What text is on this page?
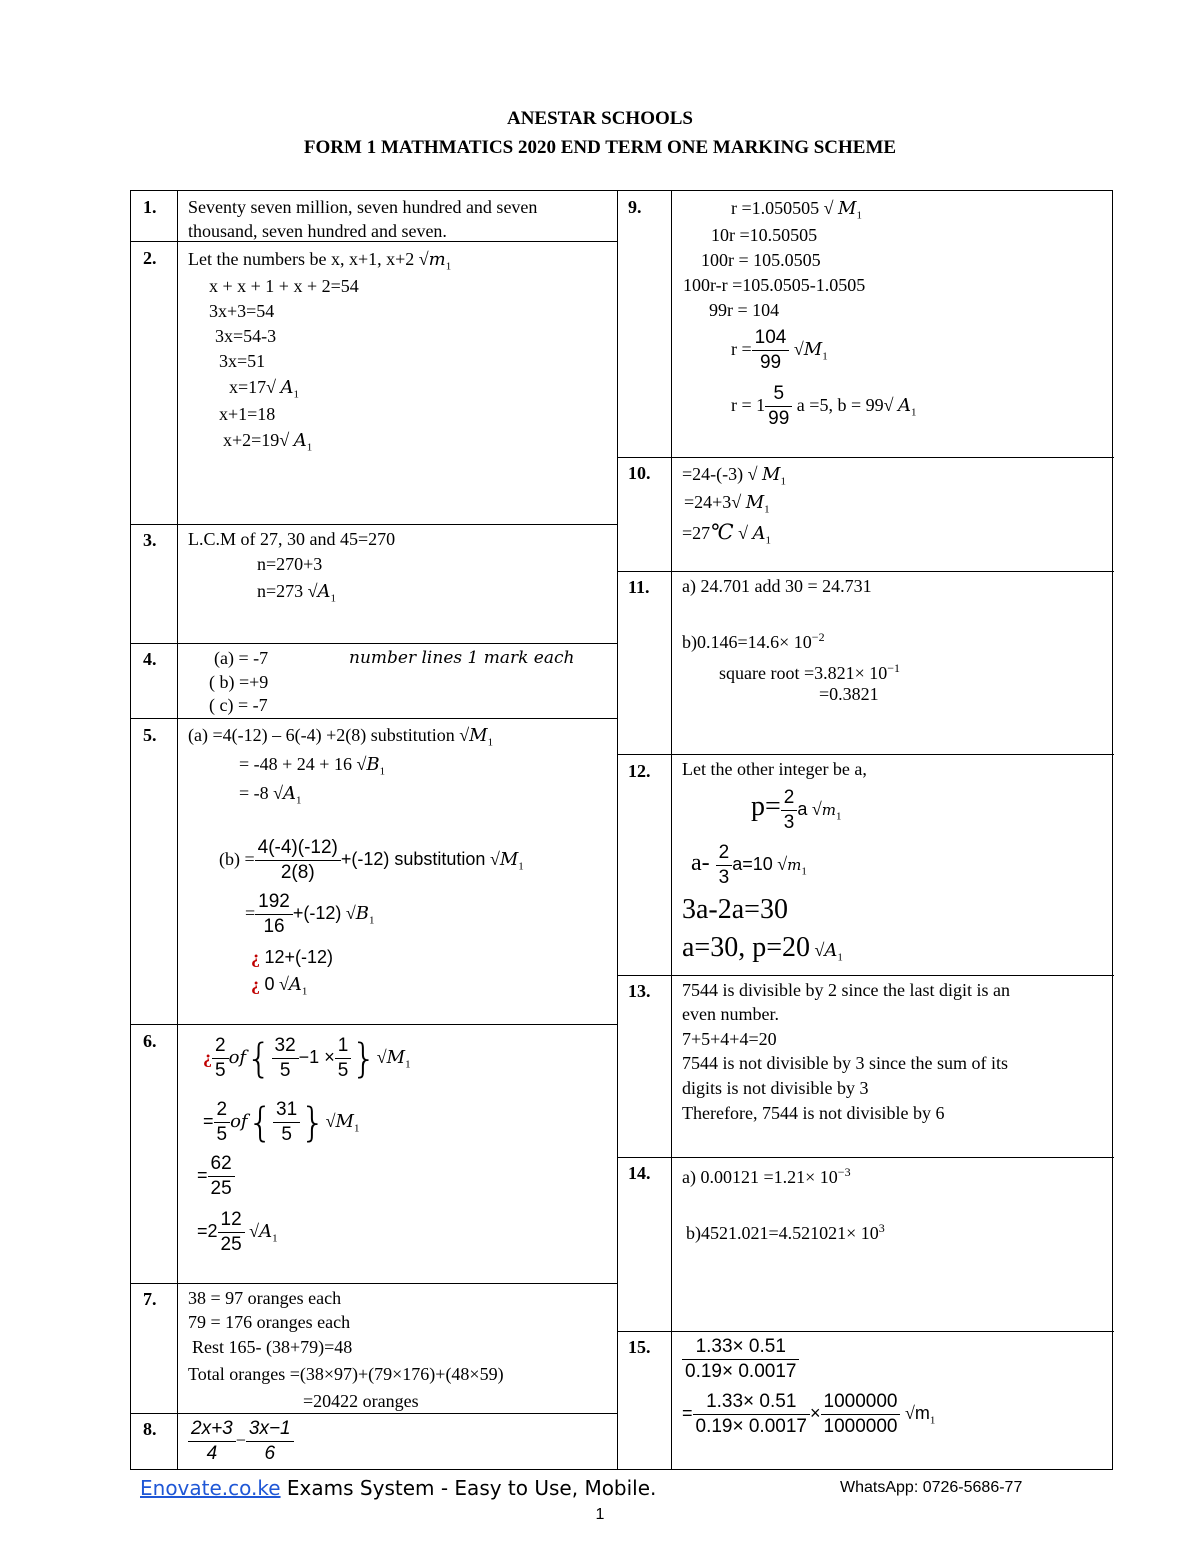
ANESTAR SCHOOLS
FORM 1 MATHMATICS 2020 END TERM ONE MARKING SCHEME
1. Seventy seven million, seven hundred and seven
thousand, seven hundred and seven.
2. Let the numbers be x, x+1, x+2 $√m_1$
x + x + 1 + x + 2=54
3x+3=54
3x=54-3
3x=51
x=17√ $A_1$
x+1=18
x+2=19√ $A_1$
3. L.C.M of 27, 30 and 45=270
n=270+3
n=273 $√A_1$
4.	(a) = -7	number lines 1 mark each
( b) =+9
( c) = -7
5. (a) =4(-12) – 6(-4) +2(8) substitution $√M_1$
= -48 + 24 + 16 $√B_1$
= -8 $√A_1$
$(b) = \frac{4(-4)(-12)}{2(8)} +(-12)$ substitution $√M_1$
= $\frac{192}{16} +(-12)$ $√B_1$
¿ 12+(-12)
¿ 0 $√A_1$
6.
¿ $\frac{2}{5} of\{ \frac{32}{5} -1 \times \frac{1}{5} \}√M_1$
= $\frac{2}{5} of\{ \frac{31}{5} \}√M_1$
= $\frac{62}{25}$
$=2 \frac{12}{25} √A_1$
7. 38 = 97 oranges each
79 = 176 oranges each
Rest 165- (38+79)=48
Total oranges =(38×97)+(79×176)+(48×59)
=20422 oranges
8. $\frac{2x+3}{4} - \frac{3x-1}{6}$
9.	r =1.050505 √ $M_1$
10r =10.50505
100r = 105.0505
100r-r =105.0505-1.0505
99r = 104
$r = \frac{104}{99} √M_1$
$r = 1 \frac{5}{99}$ a =5, b = 99√ $A_1$
10. =24-(-3) √ $M_1$
=24+3√ $M_1$
=27℃ √ $A_1$
11. a) 24.701 add 30 = 24.731
$b)0.146=14.6\times 10^{-2}$
square root $=3.821\times 10^{-1}$
=0.3821
12. Let the other integer be a,
$p= \frac{2}{3}$ a $√m_1$
$a- \frac{2}{3} a=10$ $√m_1$
3a-2a=30
a=30, p=20 $√A_1$
13. 7544 is divisible by 2 since the last digit is an
even number.
7+5+4+4=20
7544 is not divisible by 3 since the sum of its
digits is not divisible by 3
Therefore, 7544 is not divisible by 6
14. a) $0.00121 =1.21\times 10^{-3}$
$b)4521.021=4.521021\times 10^3$
15. $\frac{1.33\times 0.51}{0.19\times 0.0017}$
= $\frac{1.33\times 0.51}{0.19\times 0.0017} \times \frac{1000000}{1000000} √m_1$
Enovate.co.ke Exams System - Easy to Use, Mobile.	WhatsApp: 0726-5686-77
1
